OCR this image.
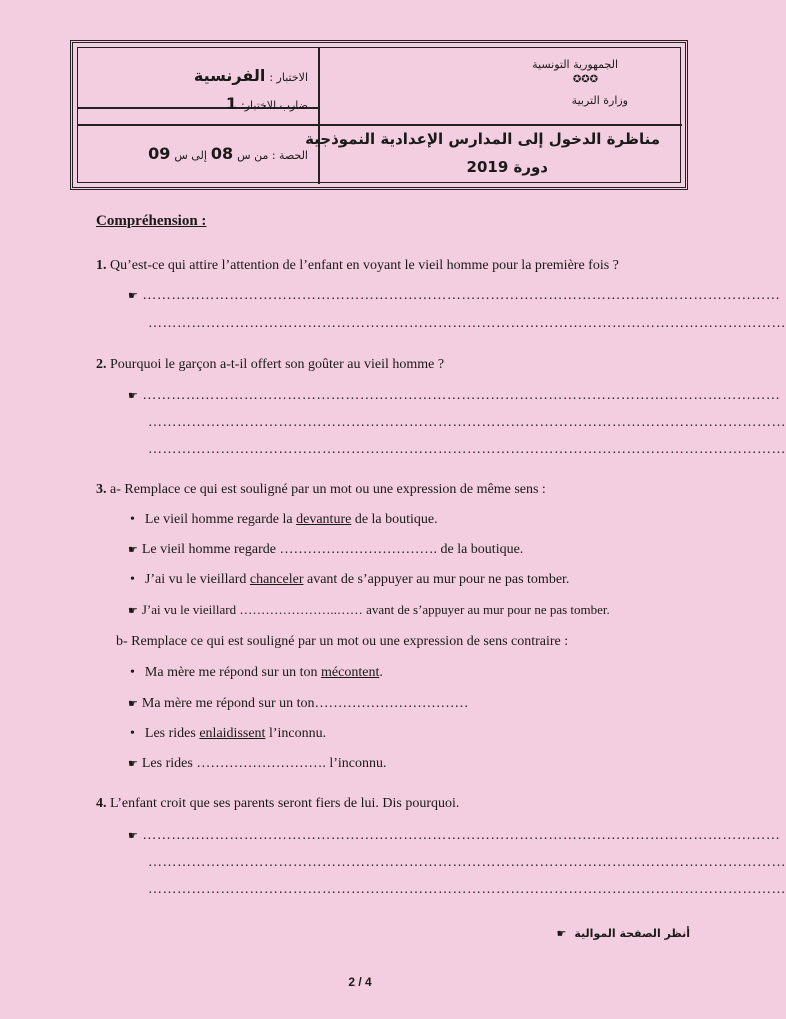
الاختبار : الفرنسية
ضارب الاختبار: 1
الحصة : من س 08 إلى س 09
الجمهورية التونسية
✪✪✪
وزارة التربية
مناظرة الدخول إلى المدارس الإعدادية النموذجية
دورة 2019
Compréhension :
1. Qu’est-ce qui attire l’attention de l’enfant en voyant le vieil homme pour la première fois ?
☛ ……………………………………………………………………………………………………………………
……………………………………………………………………………………………………………………
2. Pourquoi le garçon a-t-il offert son goûter au vieil homme ?
☛ ……………………………………………………………………………………………………………………
……………………………………………………………………………………………………………………
……………………………………………………………………………………………………………………
3. a- Remplace ce qui est souligné par un mot ou une expression de même sens :
• Le vieil homme regarde la devanture de la boutique.
☛ Le vieil homme regarde ……………………………. de la boutique.
• J’ai vu le vieillard chanceler avant de s’appuyer au mur pour ne pas tomber.
☛ J’ai vu le vieillard …………………..…… avant de s’appuyer au mur pour ne pas tomber.
b- Remplace ce qui est souligné par un mot ou une expression de sens contraire :
• Ma mère me répond sur un ton mécontent.
☛ Ma mère me répond sur un ton……………………………
• Les rides enlaidissent l’inconnu.
☛ Les rides ………………………. l’inconnu.
4. L’enfant croit que ses parents seront fiers de lui. Dis pourquoi.
☛ ……………………………………………………………………………………………………………………
……………………………………………………………………………………………………………………
……………………………………………………………………………………………………………………
أنظر الصفحة الموالية ☛
2 / 4
